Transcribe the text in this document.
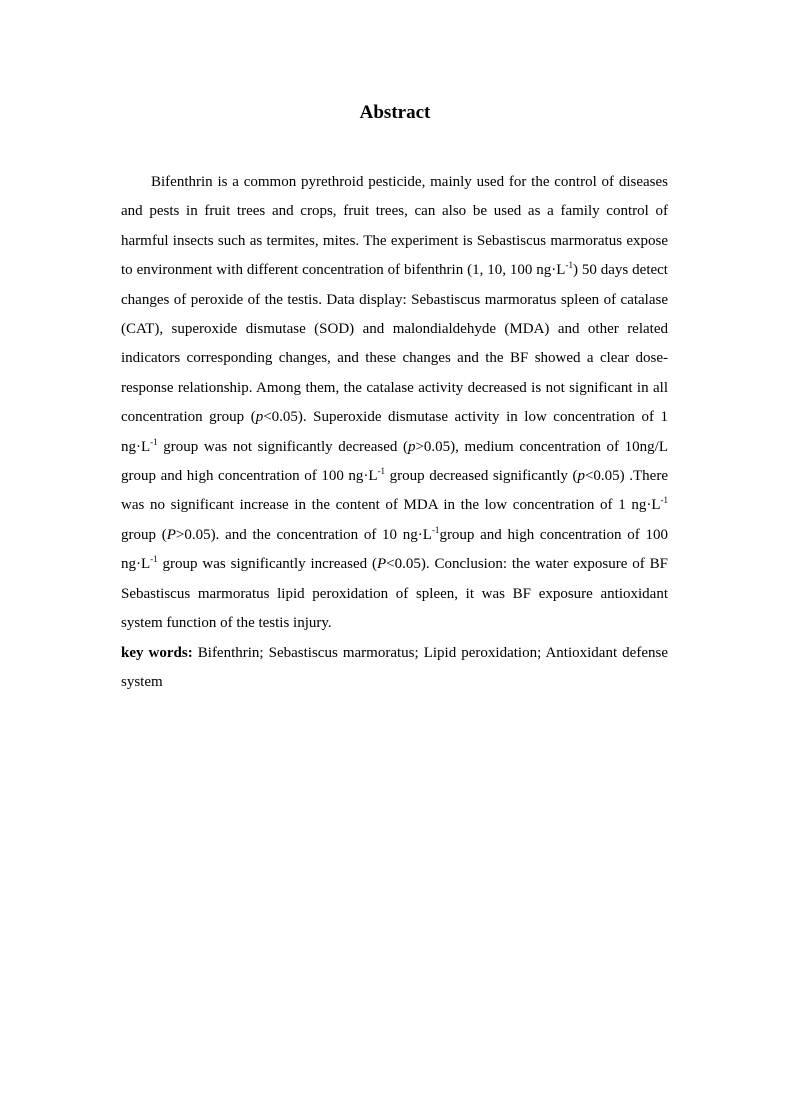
Abstract

Bifenthrin is a common pyrethroid pesticide, mainly used for the control of diseases and pests in fruit trees and crops, fruit trees, can also be used as a family control of harmful insects such as termites, mites. The experiment is Sebastiscus marmoratus expose to environment with different concentration of bifenthrin (1, 10, 100 $ng\cdot L^{-1}$) 50 days detect changes of peroxide of the testis. Data display: Sebastiscus marmoratus spleen of catalase (CAT), superoxide dismutase (SOD) and malondialdehyde (MDA) and other related indicators corresponding changes, and these changes and the BF showed a clear dose-response relationship. Among them, the catalase activity decreased is not significant in all concentration group (p<0.05). Superoxide dismutase activity in low concentration of 1 $ng\cdot L^{-1}$ group was not significantly decreased (p>0.05), medium concentration of 10ng/L group and high concentration of 100 $ng\cdot L^{-1}$ group decreased significantly (p<0.05) .There was no significant increase in the content of MDA in the low concentration of 1 $ng\cdot L^{-1}$ group (P>0.05). and the concentration of 10 $ng\cdot L^{-1}group$ and high concentration of 100 $ng\cdot L^{-1}$ group was significantly increased (P<0.05). Conclusion: the water exposure of BF Sebastiscus marmoratus lipid peroxidation of spleen, it was BF exposure antioxidant system function of the testis injury.

key words: Bifenthrin; Sebastiscus marmoratus; Lipid peroxidation; Antioxidant defense system
